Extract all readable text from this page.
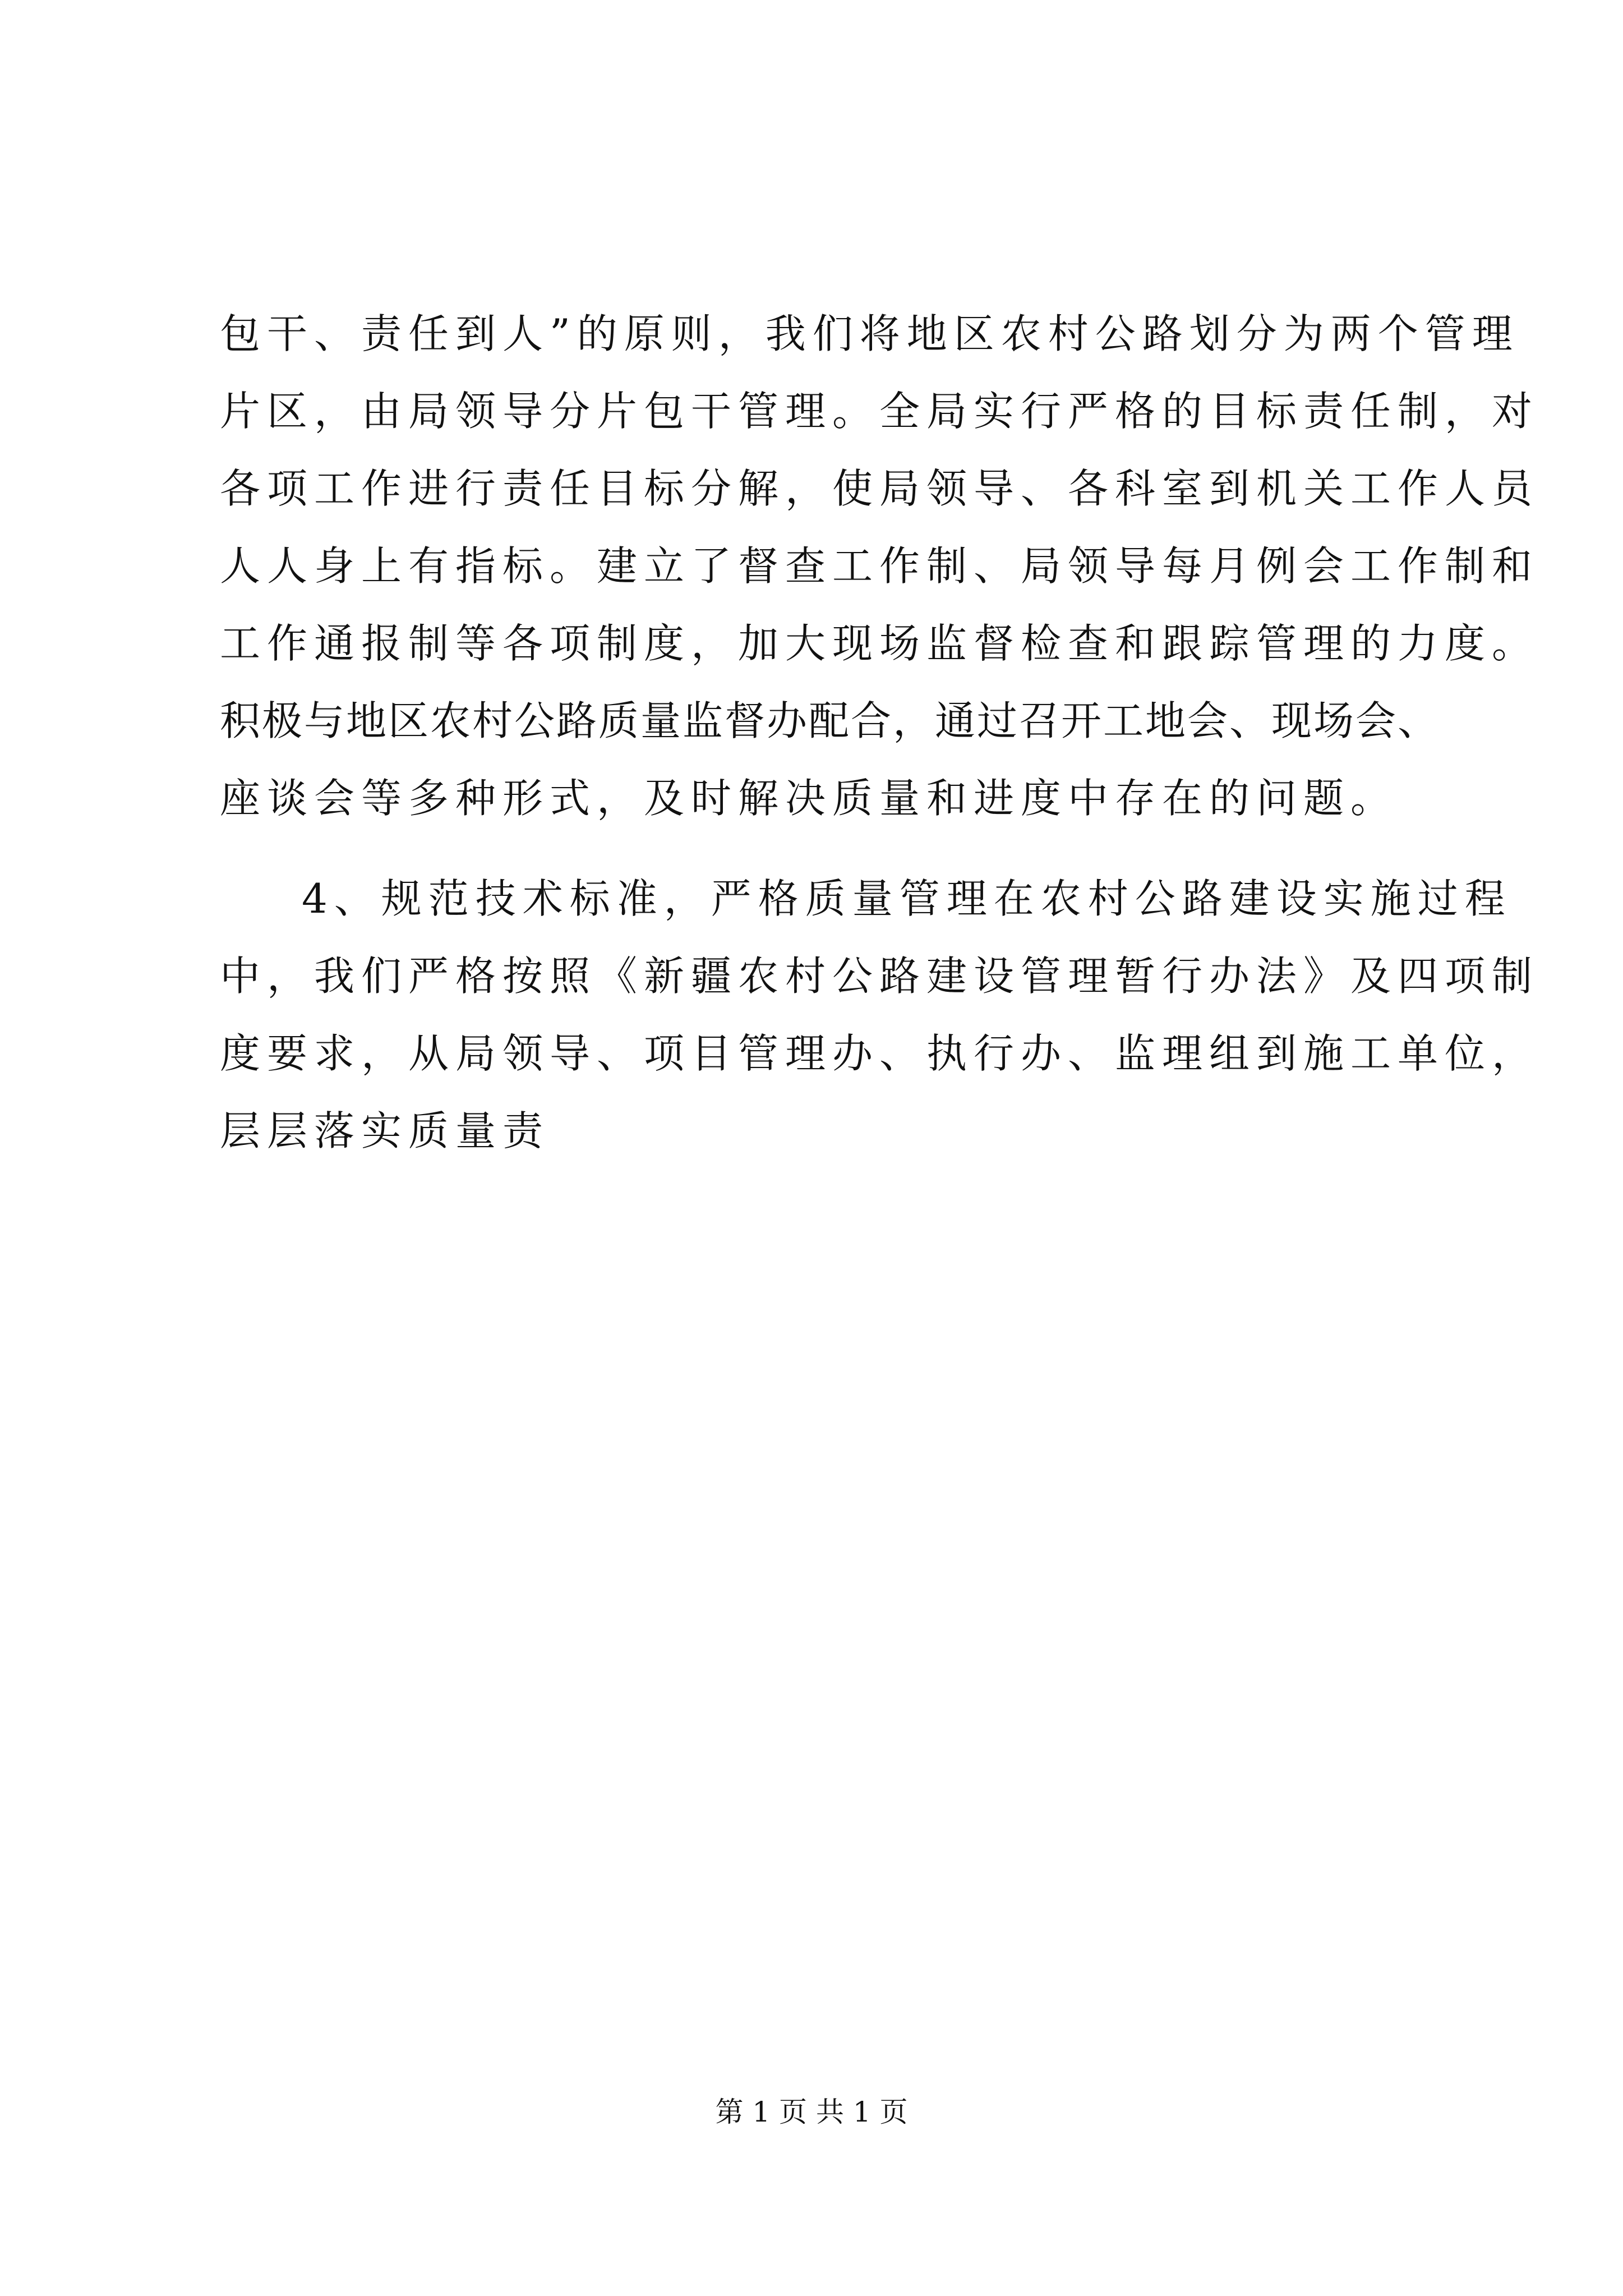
包干、责任到人”的原则，我们将地区农村公路划分为两个管理
片区，由局领导分片包干管理。全局实行严格的目标责任制，对
各项工作进行责任目标分解，使局领导、各科室到机关工作人员
人人身上有指标。建立了督查工作制、局领导每月例会工作制和
工作通报制等各项制度，加大现场监督检查和跟踪管理的力度。
积极与地区农村公路质量监督办配合，通过召开工地会、现场会、
座谈会等多种形式，及时解决质量和进度中存在的问题。
4、规范技术标准，严格质量管理在农村公路建设实施过程
中，我们严格按照《新疆农村公路建设管理暂行办法》及四项制
度要求，从局领导、项目管理办、执行办、监理组到施工单位，
层层落实质量责
第 1 页 共 1 页
